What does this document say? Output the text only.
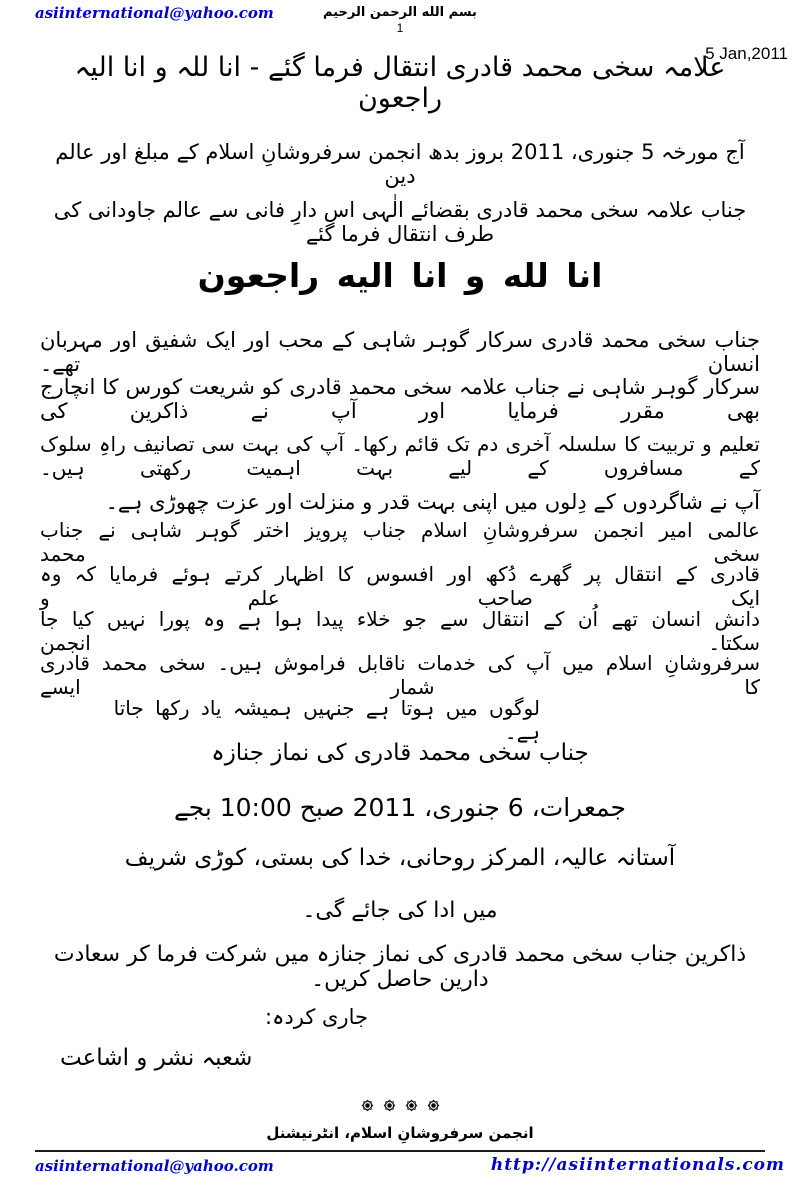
asiinternational@yahoo.com	بسم الله الرحمن الرحيم
1
5 Jan,2011
علامہ سخی محمد قادری انتقال فرما گئے - انا للہ و انا الیہ راجعون
آج مورخہ 5 جنوری، 2011 بروز بدھ انجمن سرفروشانِ اسلام کے مبلغ اور عالم دین
جناب علامہ سخی محمد قادری بقضائے الٰہی اس دارِ فانی سے عالم جاودانی کی طرف انتقال فرما گئے
انا لله و انا اليه راجعون
جناب سخی محمد قادری سرکار گوہر شاہی کے محب اور ایک شفیق اور مہربان انسان تھے۔
سرکار گوہر شاہی نے جناب علامہ سخی محمد قادری کو شریعت کورس کا انچارج بھی مقرر فرمایا اور آپ نے ذاکرین کی
تعلیم و تربیت کا سلسلہ آخری دم تک قائم رکھا۔ آپ کی بہت سی تصانیف راہِ سلوک کے مسافروں کے لیے بہت اہمیت رکھتی ہیں۔
آپ نے شاگردوں کے دِلوں میں اپنی بہت قدر و منزلت اور عزت چھوڑی ہے۔
عالمی امیر انجمن سرفروشانِ اسلام جناب پرویز اختر گوہر شاہی نے جناب سخی محمد
قادری کے انتقال پر گھرے دُکھ اور افسوس کا اظہار کرتے ہوئے فرمایا کہ وہ ایک صاحب علم و
دانش انسان تھے اُن کے انتقال سے جو خلاء پیدا ہوا ہے وہ پورا نہیں کیا جا سکتا۔ انجمن
سرفروشانِ اسلام میں آپ کی خدمات ناقابل فراموش ہیں۔ سخی محمد قادری کا شمار ایسے
لوگوں میں ہوتا ہے جنہیں ہمیشہ یاد رکھا جاتا ہے۔
جناب سخی محمد قادری کی نماز جنازہ
جمعرات، 6 جنوری، 2011 صبح 10:00 بجے
آستانہ عالیہ، المرکز روحانی، خدا کی بستی، کوڑی شریف
میں ادا کی جائے گی۔
ذاکرین جناب سخی محمد قادری کی نماز جنازہ میں شرکت فرما کر سعادت دارین حاصل کریں۔
جاری کردہ:
شعبہ نشر و اشاعت
انجمن سرفروشانِ اسلام، انٹرنیشنل
asiinternational@yahoo.com	http://asiinternationals.com
